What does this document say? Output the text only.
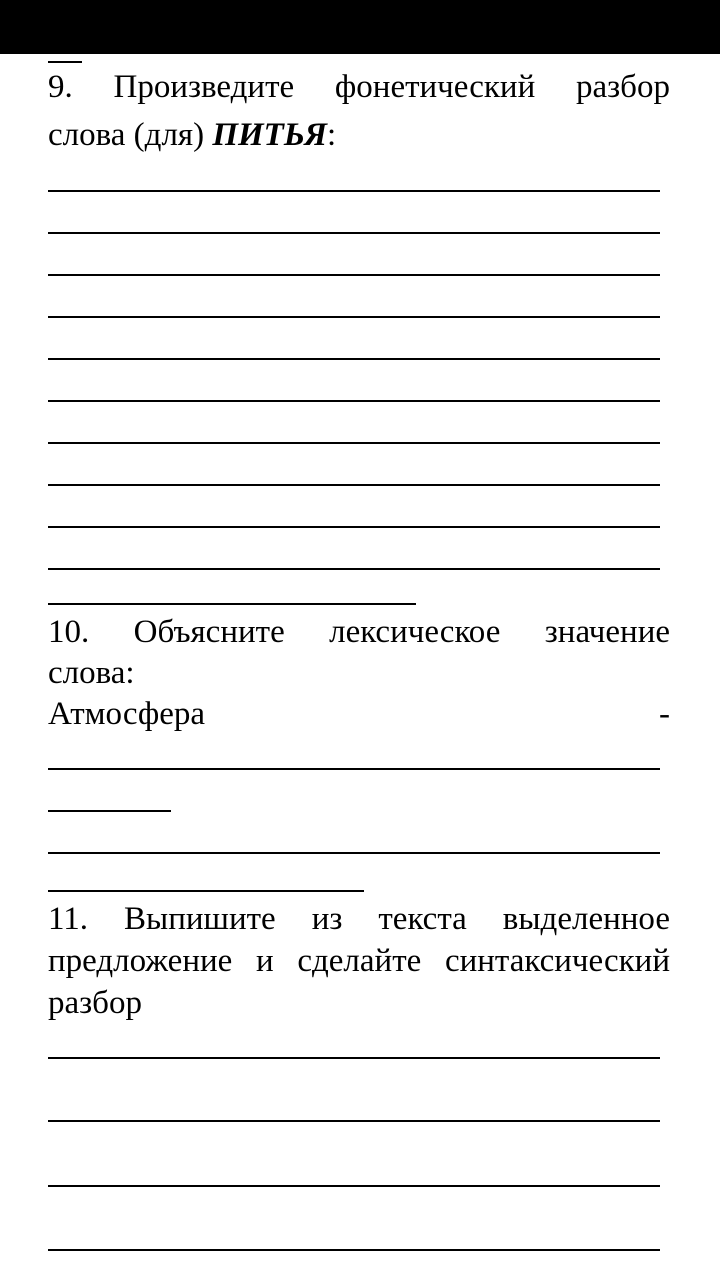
9. Произведите фонетический разбор
слова (для) ПИТЬЯ:
10. Объясните лексическое значение
слова:
Атмосфера	-
11. Выпишите из текста выделенное
предложение и сделайте синтаксический
разбор
